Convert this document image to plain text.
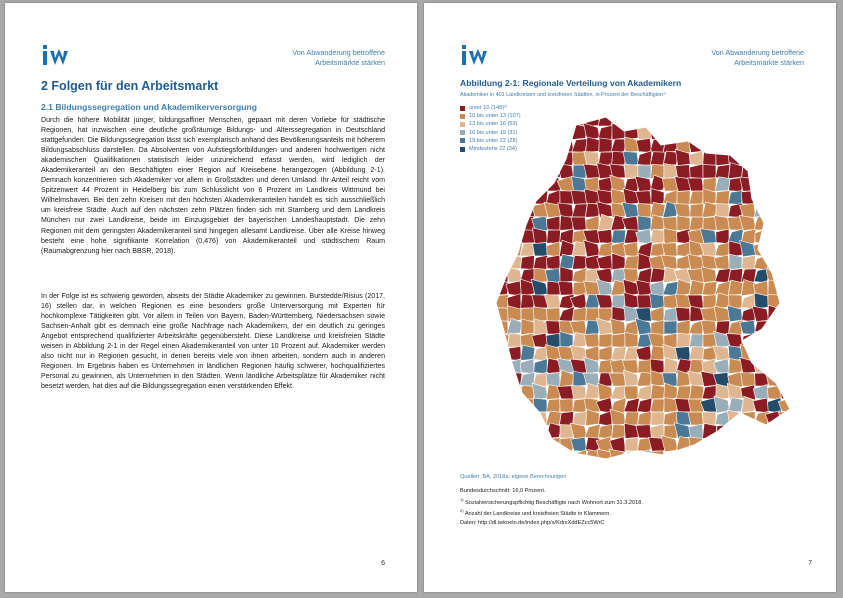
Von Abwanderung betroffene
Arbeitsmärkte stärken
2 Folgen für den Arbeitsmarkt
2.1 Bildungssegregation und Akademikerversorgung

Durch die höhere Mobilität junger, bildungsaffiner Menschen, gepaart mit deren Vorliebe für städtische Regionen, hat inzwischen eine deutliche großräumige Bildungs- und Alterssegregation in Deutschland stattgefunden. Die Bildungssegregation lässt sich exemplarisch anhand des Bevölkerungsanteils mit höherem Bildungsabschluss darstellen. Da Absolventen von Aufstiegsfortbildungen und anderen hochwertigen nicht akademischen Qualifikationen statistisch leider unzureichend erfasst werden, wird lediglich der Akademikeranteil an den Beschäftigten einer Region auf Kreisebene herangezogen (Abbildung 2-1). Demnach konzentrieren sich Akademiker vor allem in Großstädten und deren Umland. Ihr Anteil reicht vom Spitzenwert 44 Prozent in Heidelberg bis zum Schlusslicht von 6 Prozent im Landkreis Wittmund bei Wilhelmshaven. Bei den zehn Kreisen mit den höchsten Akademikeranteilen handelt es sich ausschließlich um kreisfreie Städte. Auch auf den nächsten zehn Plätzen finden sich mit Starnberg und dem Landkreis München nur zwei Landkreise, beide im Einzugsgebiet der bayerischen Landeshauptstadt. Die zehn Regionen mit dem geringsten Akademikeranteil sind hingegen allesamt Landkreise. Über alle Kreise hinweg besteht eine hohe signifikante Korrelation (0,476) von Akademikeranteil und städtischem Raum (Raumabgrenzung hier nach BBSR, 2018).

In der Folge ist es schwierig geworden, abseits der Städte Akademiker zu gewinnen. Burstedde/Risius (2017, 16) stellen dar, in welchen Regionen es eine besonders große Unterversorgung mit Experten für hochkomplexe Tätigkeiten gibt. Vor allem in Teilen von Bayern, Baden-Württemberg, Niedersachsen sowie Sachsen-Anhalt gibt es demnach eine große Nachfrage nach Akademikern, der ein deutlich zu geringes Angebot entsprechend qualifizierter Arbeitskräfte gegenübersteht. Diese Landkreise und kreisfreien Städte weisen in Abbildung 2-1 in der Regel einen Akademikeranteil von unter 10 Prozent auf. Akademiker werden also nicht nur in Regionen gesucht, in denen bereits viele von ihnen arbeiten, sondern auch in anderen Regionen. Im Ergebnis haben es Unternehmen in ländlichen Regionen häufig schwerer, hochqualifiziertes Personal zu gewinnen, als Unternehmen in den Städten. Wenn ländliche Arbeitsplätze für Akademiker nicht besetzt werden, hat dies auf die Bildungssegregation einen verstärkenden Effekt.

6
Von Abwanderung betroffene
Arbeitsmärkte stärken
Abbildung 2-1: Regionale Verteilung von Akademikern
Akademiker in 401 Landkreisen und kreisfreien Städten, in Prozent der Beschäftigten¹⁾
unter 10 (148)²⁾
10 bis unter 13 (107)
13 bis unter 16 (53)
16 bis unter 19 (31)
19 bis unter 22 (28)
Mindestens 22 (34)
Quellen: BA, 2018a; eigene Berechnungen
Bundesdurchschnitt: 16,0 Prozent.
$^{1)}$ Sozialversicherungspflichtig Beschäftigte nach Wohnort zum 31.3.2018.
$^{2)}$ Anzahl der Landkreise und kreisfreien Städte in Klammern.
Daten: http://dl.iwkoeln.de/index.php/s/KdrxXddEZcc5WrC
7
